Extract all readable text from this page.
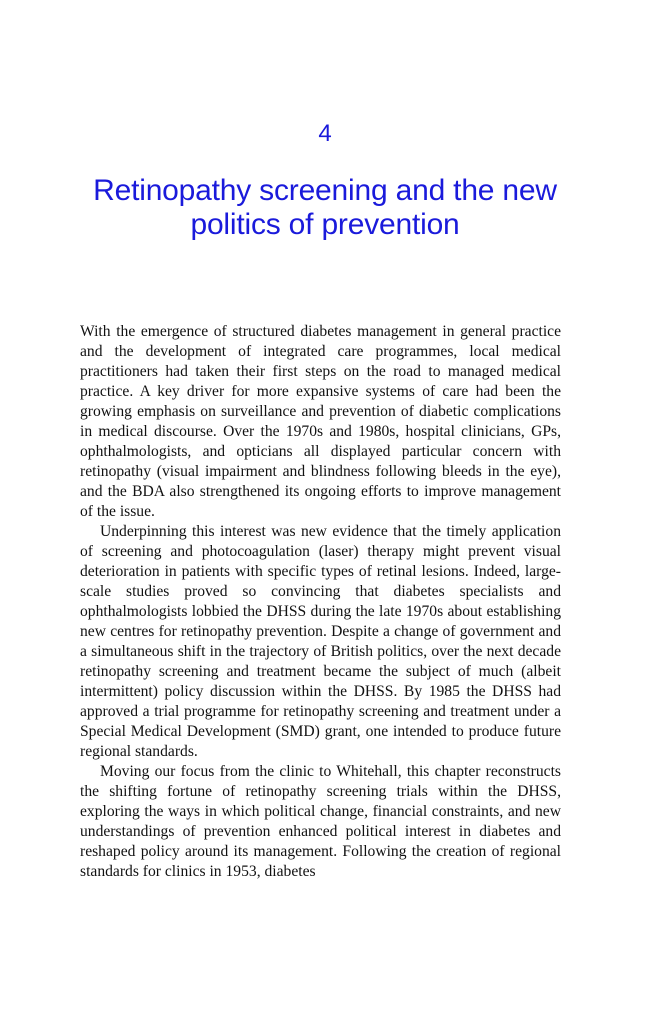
4
Retinopathy screening and the new politics of prevention

With the emergence of structured diabetes management in general practice and the development of integrated care programmes, local medical practitioners had taken their first steps on the road to managed medical practice. A key driver for more expansive systems of care had been the growing emphasis on surveillance and prevention of diabetic complications in medical discourse. Over the 1970s and 1980s, hospital clinicians, GPs, ophthalmologists, and opticians all displayed particular concern with retinopathy (visual impairment and blindness following bleeds in the eye), and the BDA also strengthened its ongoing efforts to improve management of the issue.

Underpinning this interest was new evidence that the timely application of screening and photocoagulation (laser) therapy might prevent visual deterioration in patients with specific types of retinal lesions. Indeed, large-scale studies proved so convincing that diabetes specialists and ophthalmologists lobbied the DHSS during the late 1970s about establishing new centres for retinopathy prevention. Despite a change of government and a simultaneous shift in the trajectory of British politics, over the next decade retinopathy screening and treatment became the subject of much (albeit intermittent) policy discussion within the DHSS. By 1985 the DHSS had approved a trial programme for retinopathy screening and treatment under a Special Medical Development (SMD) grant, one intended to produce future regional standards.

Moving our focus from the clinic to Whitehall, this chapter reconstructs the shifting fortune of retinopathy screening trials within the DHSS, exploring the ways in which political change, financial constraints, and new understandings of prevention enhanced political interest in diabetes and reshaped policy around its management. Following the creation of regional standards for clinics in 1953, diabetes
